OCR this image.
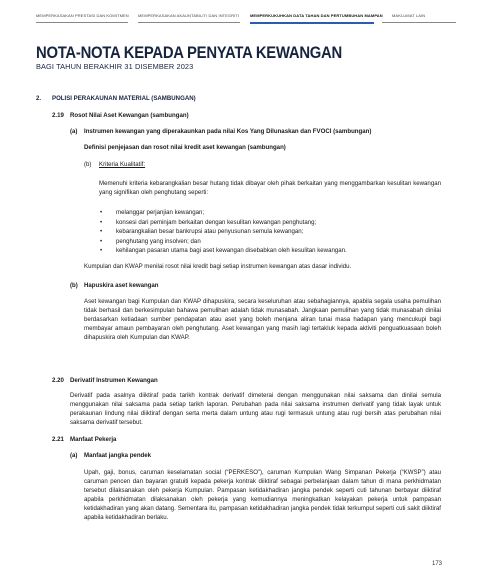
MEMPERKASAKAN PRESTASI DAN KOMITMEN MEMPERKASAKAN AKAUNTABILITI DAN INTEGRITI	MEMPERKUKUHKAN DATA TAHAN DAN PERTUMBUHAN MAMPAN MAKLUMAT LAIN
NOTA-NOTA KEPADA PENYATA KEWANGAN
BAGI TAHUN BERAKHIR 31 DISEMBER 2023
2. POLISI PERAKAUNAN MATERIAL (SAMBUNGAN)
2.19 Rosot Nilai Aset Kewangan (sambungan)
(a) Instrumen kewangan yang diperakaunkan pada nilai Kos Yang Dilunaskan dan FVOCI (sambungan)
Definisi penjejasan dan rosot nilai kredit aset kewangan (sambungan)
(b) Kriteria Kualitatif:
Memenuhi kriteria kebarangkalian besar hutang tidak dibayar oleh pihak berkaitan yang menggambarkan kesulitan kewangan yang signifikan oleh penghutang seperti:
• melanggar perjanjian kewangan;
• konsesi dari peminjam berkaitan dengan kesulitan kewangan penghutang;
• kebarangkalian besar bankrupsi atau penyusunan semula kewangan;
• penghutang yang insolven; dan
• kehilangan pasaran utama bagi aset kewangan disebabkan oleh kesulitan kewangan.
Kumpulan dan KWAP menilai rosot nilai kredit bagi setiap instrumen kewangan atas dasar individu.
(b) Hapuskira aset kewangan
Aset kewangan bagi Kumpulan dan KWAP dihapuskira, secara keseluruhan atau sebahagiannya, apabila segala usaha pemulihan tidak berhasil dan berkesimpulan bahawa pemulihan adalah tidak munasabah. Jangkaan pemulihan yang tidak munasabah dinilai berdasarkan ketiadaan sumber pendapatan atau aset yang boleh menjana aliran tunai masa hadapan yang mencukupi bagi membayar amaun pembayaran oleh penghutang. Aset kewangan yang masih lagi tertakluk kepada aktiviti penguatkuasaan boleh dihapuskira oleh Kumpulan dan KWAP.
2.20 Derivatif Instrumen Kewangan
Derivatif pada asalnya diiktiraf pada tarikh kontrak derivatif dimeterai dengan menggunakan nilai saksama dan dinilai semula menggunakan nilai saksama pada setiap tarikh laporan. Perubahan pada nilai saksama instrumen derivatif yang tidak layak untuk perakaunan lindung nilai diiktiraf dengan serta merta dalam untung atau rugi termasuk untung atau rugi bersih atas perubahan nilai saksama derivatif tersebut.
2.21 Manfaat Pekerja
(a) Manfaat jangka pendek
Upah, gaji, bonus, caruman keselamatan social (“PERKESO”), caruman Kumpulan Wang Simpanan Pekerja (“KWSP”) atau caruman pencen dan bayaran gratuiti kepada pekerja kontrak diiktiraf sebagai perbelanjaan dalam tahun di mana perkhidmatan tersebut dilaksanakan oleh pekerja Kumpulan. Pampasan ketidakhadiran jangka pendek seperti cuti tahunan berbayar diiktiraf apabila perkhidmatan dilaksanakan oleh pekerja yang kemudiannya meningkatkan kelayakan pekerja untuk pampasan ketidakhadiran yang akan datang. Sementara itu, pampasan ketidakhadiran jangka pendek tidak terkumpul seperti cuti sakit diiktiraf apabila ketidakhadiran berlaku.
173
